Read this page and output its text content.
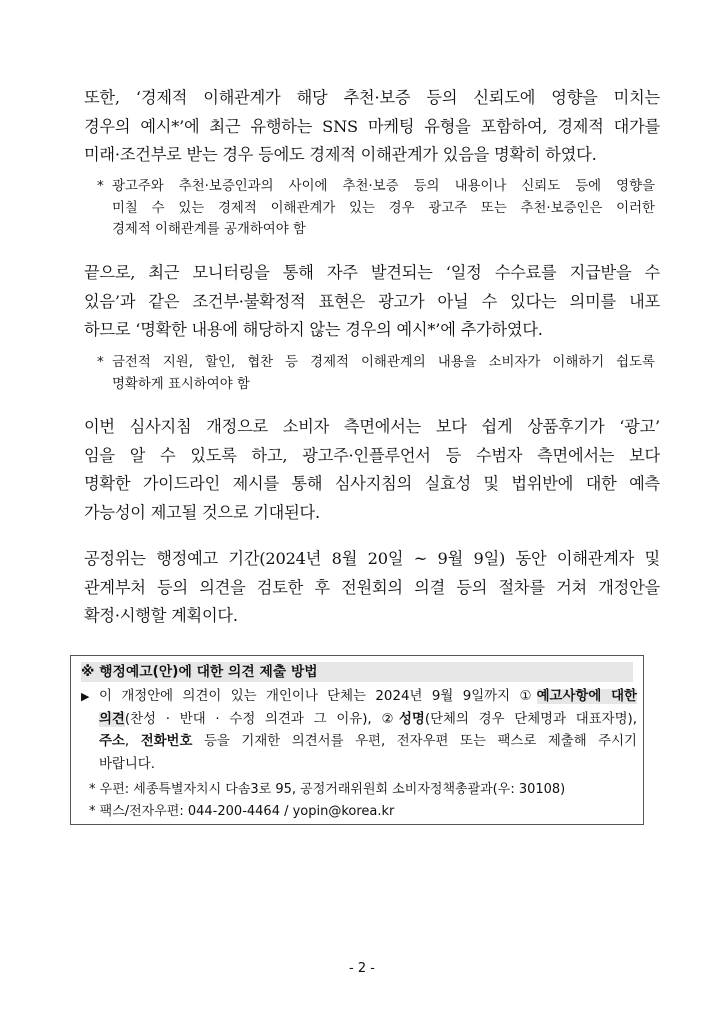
또한, ‘경제적 이해관계가 해당 추천·보증 등의 신뢰도에 영향을 미치는
경우의 예시*’에 최근 유행하는 SNS 마케팅 유형을 포함하여, 경제적 대가를
미래·조건부로 받는 경우 등에도 경제적 이해관계가 있음을 명확히 하였다.

* 광고주와 추천·보증인과의 사이에 추천·보증 등의 내용이나 신뢰도 등에 영향을
미칠 수 있는 경제적 이해관계가 있는 경우 광고주 또는 추천·보증인은 이러한
경제적 이해관계를 공개하여야 함

끝으로, 최근 모니터링을 통해 자주 발견되는 ‘일정 수수료를 지급받을 수
있음’과 같은 조건부·불확정적 표현은 광고가 아닐 수 있다는 의미를 내포
하므로 ‘명확한 내용에 해당하지 않는 경우의 예시*’에 추가하였다.

* 금전적 지원, 할인, 협찬 등 경제적 이해관계의 내용을 소비자가 이해하기 쉽도록
명확하게 표시하여야 함

이번 심사지침 개정으로 소비자 측면에서는 보다 쉽게 상품후기가 ‘광고’
임을 알 수 있도록 하고, 광고주·인플루언서 등 수범자 측면에서는 보다
명확한 가이드라인 제시를 통해 심사지침의 실효성 및 법위반에 대한 예측
가능성이 제고될 것으로 기대된다.

공정위는 행정예고 기간(2024년 8월 20일 ~ 9월 9일) 동안 이해관계자 및
관계부처 등의 의견을 검토한 후 전원회의 의결 등의 절차를 거쳐 개정안을
확정·시행할 계획이다.

※ 행정예고(안)에 대한 의견 제출 방법
▶ 이 개정안에 의견이 있는 개인이나 단체는 2024년 9월 9일까지 ①예고사항에 대한
의견(찬성 · 반대 · 수정 의견과 그 이유), ②성명(단체의 경우 단체명과 대표자명),
주소, 전화번호 등을 기재한 의견서를 우편, 전자우편 또는 팩스로 제출해 주시기
바랍니다.
* 우편: 세종특별자치시 다솜3로 95, 공정거래위원회 소비자정책총괄과(우: 30108)
* 팩스/전자우편: 044-200-4464 / yopin@korea.kr
- 2 -
